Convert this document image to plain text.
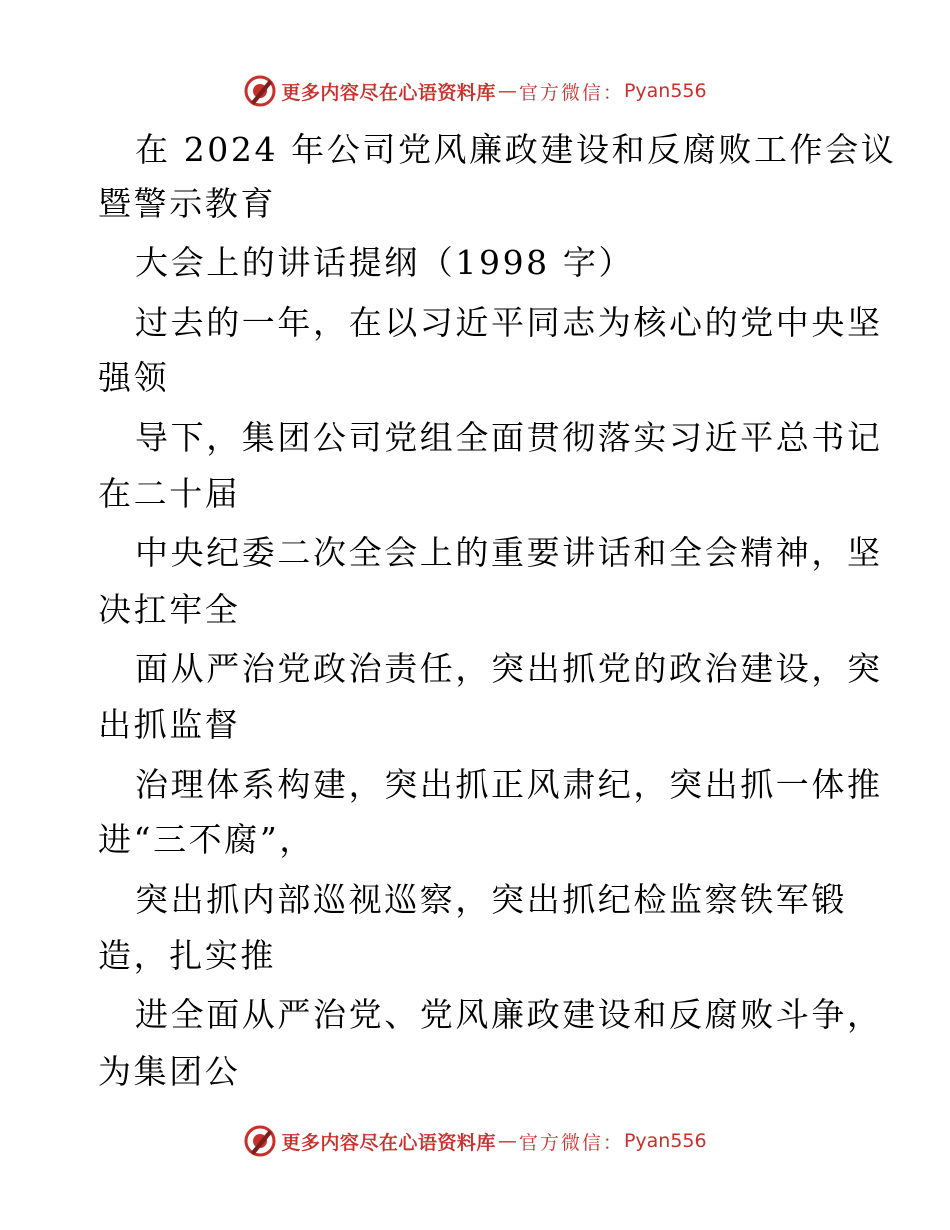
更多内容尽在心语资料库 — 官方微信： Pyan556
在 2024 年公司党风廉政建设和反腐败工作会议
暨警示教育
大会上的讲话提纲（1998 字）
过去的一年，在以习近平同志为核心的党中央坚
强领
导下，集团公司党组全面贯彻落实习近平总书记
在二十届
中央纪委二次全会上的重要讲话和全会精神，坚
决扛牢全
面从严治党政治责任，突出抓党的政治建设，突
出抓监督
治理体系构建，突出抓正风肃纪，突出抓一体推
进“三不腐”，
突出抓内部巡视巡察，突出抓纪检监察铁军锻
造，扎实推
进全面从严治党、党风廉政建设和反腐败斗争，
为集团公
更多内容尽在心语资料库 — 官方微信： Pyan556
